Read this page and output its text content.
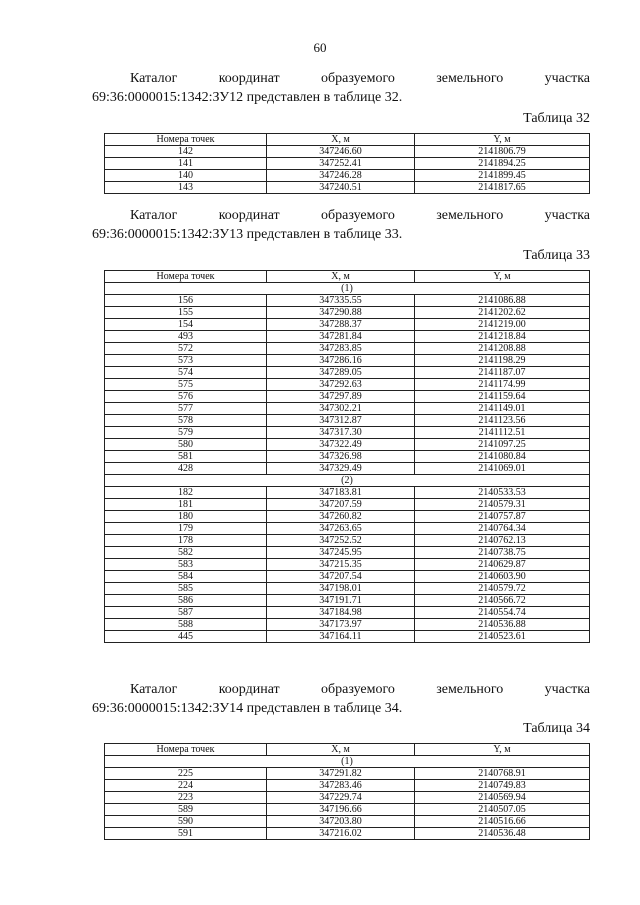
60
Каталог координат образуемого земельного участка
69:36:0000015:1342:ЗУ12 представлен в таблице 32.
Таблица 32
Номера точек	X, м	Y, м
142	347246.60	2141806.79
141	347252.41	2141894.25
140	347246.28	2141899.45
143	347240.51	2141817.65
Каталог координат образуемого земельного участка
69:36:0000015:1342:ЗУ13 представлен в таблице 33.
Таблица 33
Номера точек	X, м	Y, м
(1)		
156	347335.55	2141086.88
155	347290.88	2141202.62
154	347288.37	2141219.00
493	347281.84	2141218.84
572	347283.85	2141208.88
573	347286.16	2141198.29
574	347289.05	2141187.07
575	347292.63	2141174.99
576	347297.89	2141159.64
577	347302.21	2141149.01
578	347312.87	2141123.56
579	347317.30	2141112.51
580	347322.49	2141097.25
581	347326.98	2141080.84
428	347329.49	2141069.01
(2)		
182	347183.81	2140533.53
181	347207.59	2140579.31
180	347260.82	2140757.87
179	347263.65	2140764.34
178	347252.52	2140762.13
582	347245.95	2140738.75
583	347215.35	2140629.87
584	347207.54	2140603.90
585	347198.01	2140579.72
586	347191.71	2140566.72
587	347184.98	2140554.74
588	347173.97	2140536.88
445	347164.11	2140523.61
Каталог координат образуемого земельного участка
69:36:0000015:1342:ЗУ14 представлен в таблице 34.
Таблица 34
Номера точек	X, м	Y, м
(1)		
225	347291.82	2140768.91
224	347283.46	2140749.83
223	347229.74	2140569.94
589	347196.66	2140507.05
590	347203.80	2140516.66
591	347216.02	2140536.48
